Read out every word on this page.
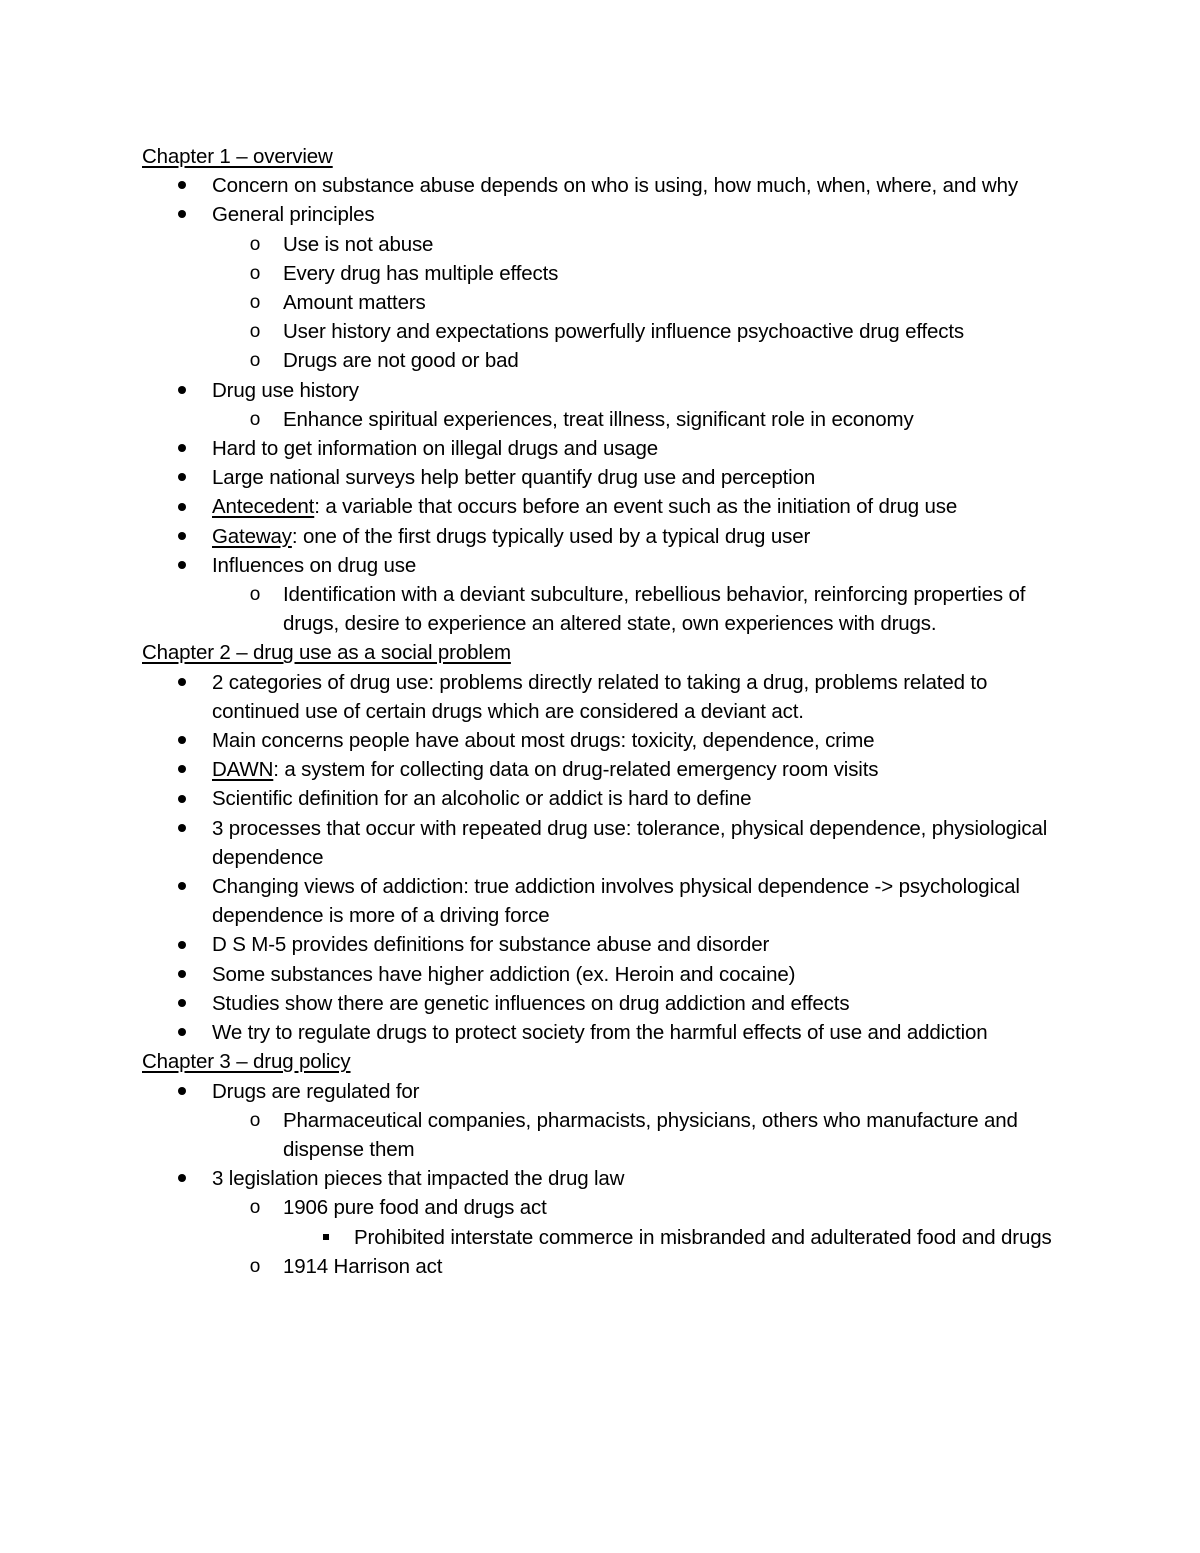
Chapter 1 – overview

Concern on substance abuse depends on who is using, how much, when, where, and why

General principles

o Use is not abuse

o Every drug has multiple effects

o Amount matters

o User history and expectations powerfully influence psychoactive drug effects

o Drugs are not good or bad

Drug use history

o Enhance spiritual experiences, treat illness, significant role in economy

Hard to get information on illegal drugs and usage

Large national surveys help better quantify drug use and perception

Antecedent: a variable that occurs before an event such as the initiation of drug use

Gateway: one of the first drugs typically used by a typical drug user

Influences on drug use

o Identification with a deviant subculture, rebellious behavior, reinforcing properties of drugs, desire to experience an altered state, own experiences with drugs.

Chapter 2 – drug use as a social problem

2 categories of drug use: problems directly related to taking a drug, problems related to continued use of certain drugs which are considered a deviant act.

Main concerns people have about most drugs: toxicity, dependence, crime

DAWN: a system for collecting data on drug-related emergency room visits

Scientific definition for an alcoholic or addict is hard to define

3 processes that occur with repeated drug use: tolerance, physical dependence, physiological dependence

Changing views of addiction: true addiction involves physical dependence -> psychological dependence is more of a driving force

D S M-5 provides definitions for substance abuse and disorder

Some substances have higher addiction (ex. Heroin and cocaine)

Studies show there are genetic influences on drug addiction and effects

We try to regulate drugs to protect society from the harmful effects of use and addiction

Chapter 3 – drug policy

Drugs are regulated for

o Pharmaceutical companies, pharmacists, physicians, others who manufacture and dispense them

3 legislation pieces that impacted the drug law

o 1906 pure food and drugs act

Prohibited interstate commerce in misbranded and adulterated food and drugs

o 1914 Harrison act
